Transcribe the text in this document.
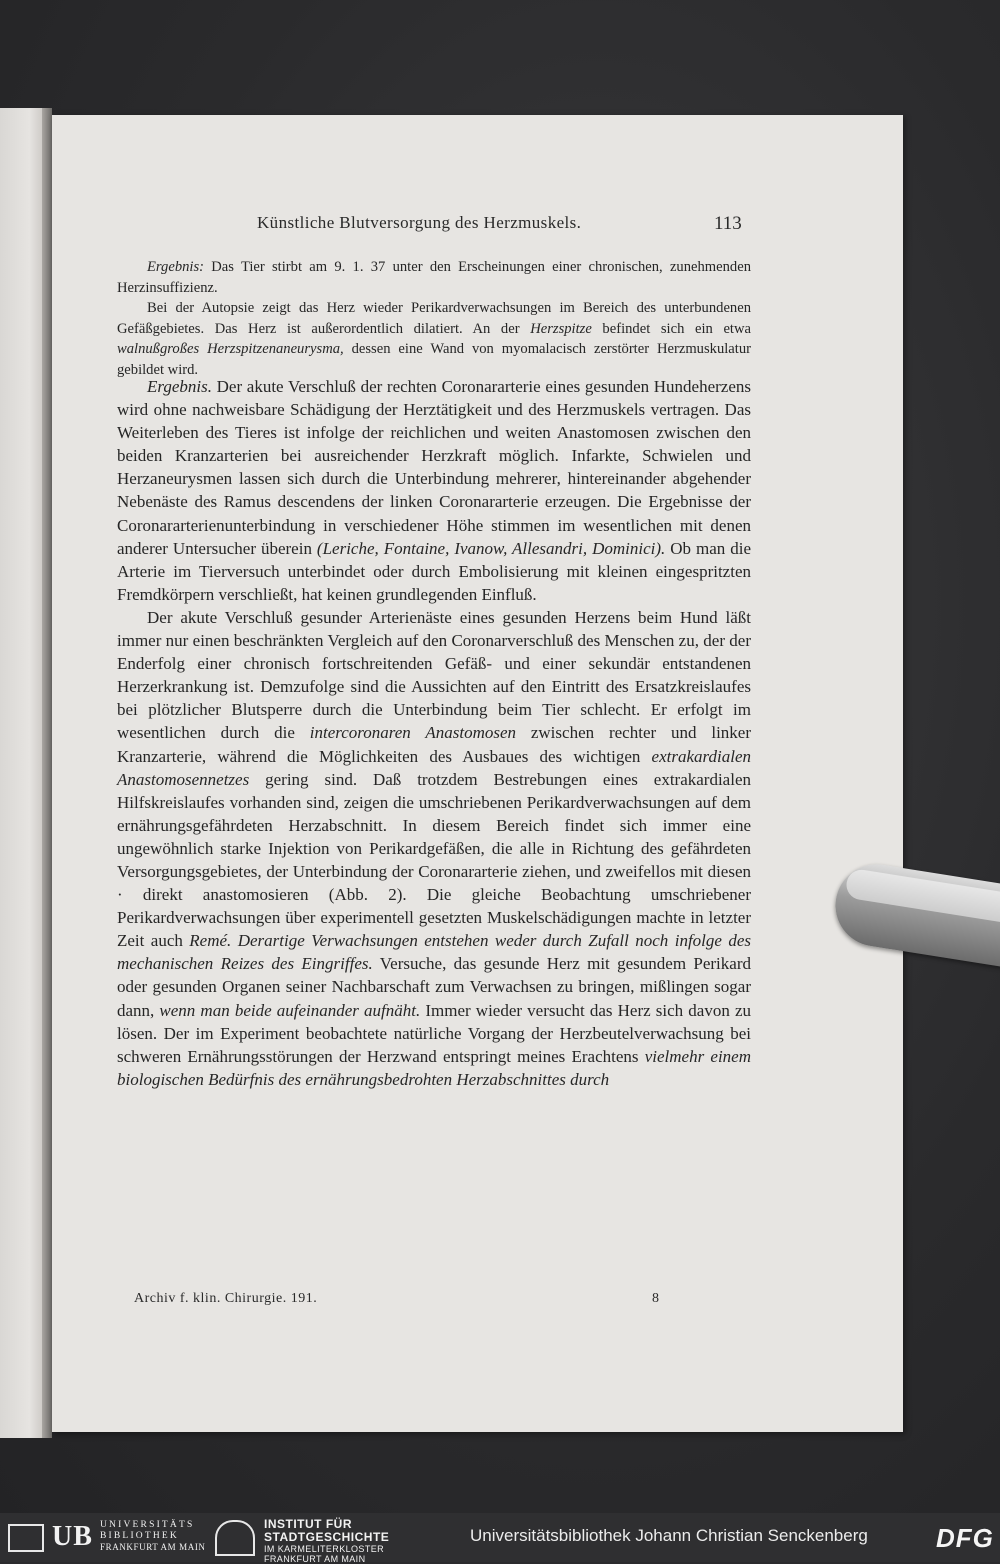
Künstliche Blutversorgung des Herzmuskels.	113

Ergebnis: Das Tier stirbt am 9. 1. 37 unter den Erscheinungen einer chronischen, zunehmenden Herzinsuffizienz.

Bei der Autopsie zeigt das Herz wieder Perikardverwachsungen im Bereich des unterbundenen Gefäßgebietes. Das Herz ist außerordentlich dilatiert. An der Herzspitze befindet sich ein etwa walnußgroßes Herzspitzenaneurysma, dessen eine Wand von myomalacisch zerstörter Herzmuskulatur gebildet wird.

Ergebnis. Der akute Verschluß der rechten Coronararterie eines gesunden Hundeherzens wird ohne nachweisbare Schädigung der Herztätigkeit und des Herzmuskels vertragen. Das Weiterleben des Tieres ist infolge der reichlichen und weiten Anastomosen zwischen den beiden Kranzarterien bei ausreichender Herzkraft möglich. Infarkte, Schwielen und Herzaneurysmen lassen sich durch die Unterbindung mehrerer, hintereinander abgehender Nebenäste des Ramus descendens der linken Coronararterie erzeugen. Die Ergebnisse der Coronararterienunterbindung in verschiedener Höhe stimmen im wesentlichen mit denen anderer Untersucher überein (Leriche, Fontaine, Ivanow, Allesandri, Dominici). Ob man die Arterie im Tierversuch unterbindet oder durch Embolisierung mit kleinen eingespritzten Fremdkörpern verschließt, hat keinen grundlegenden Einfluß.

Der akute Verschluß gesunder Arterienäste eines gesunden Herzens beim Hund läßt immer nur einen beschränkten Vergleich auf den Coronarverschluß des Menschen zu, der der Enderfolg einer chronisch fortschreitenden Gefäß- und einer sekundär entstandenen Herzerkrankung ist. Demzufolge sind die Aussichten auf den Eintritt des Ersatzkreislaufes bei plötzlicher Blutsperre durch die Unterbindung beim Tier schlecht. Er erfolgt im wesentlichen durch die intercoronaren Anastomosen zwischen rechter und linker Kranzarterie, während die Möglichkeiten des Ausbaues des wichtigen extrakardialen Anastomosennetzes gering sind. Daß trotzdem Bestrebungen eines extrakardialen Hilfskreislaufes vorhanden sind, zeigen die umschriebenen Perikardverwachsungen auf dem ernährungsgefährdeten Herzabschnitt. In diesem Bereich findet sich immer eine ungewöhnlich starke Injektion von Perikardgefäßen, die alle in Richtung des gefährdeten Versorgungsgebietes, der Unterbindung der Coronararterie ziehen, und zweifellos mit diesen · direkt anastomosieren (Abb. 2). Die gleiche Beobachtung umschriebener Perikardverwachsungen über experimentell gesetzten Muskelschädigungen machte in letzter Zeit auch Remé. Derartige Verwachsungen entstehen weder durch Zufall noch infolge des mechanischen Reizes des Eingriffes. Versuche, das gesunde Herz mit gesundem Perikard oder gesunden Organen seiner Nachbarschaft zum Verwachsen zu bringen, mißlingen sogar dann, wenn man beide aufeinander aufnäht. Immer wieder versucht das Herz sich davon zu lösen. Der im Experiment beobachtete natürliche Vorgang der Herzbeutelverwachsung bei schweren Ernährungsstörungen der Herzwand entspringt meines Erachtens vielmehr einem biologischen Bedürfnis des ernährungsbedrohten Herzabschnittes durch

Archiv f. klin. Chirurgie. 191.	8
UB UNIVERSITÄTS
BIBLIOTHEK
FRANKFURT AM MAIN
INSTITUT FÜR
STADTGESCHICHTE
IM KARMELITERKLOSTER
FRANKFURT AM MAIN
Universitätsbibliothek Johann Christian Senckenberg	DFG
